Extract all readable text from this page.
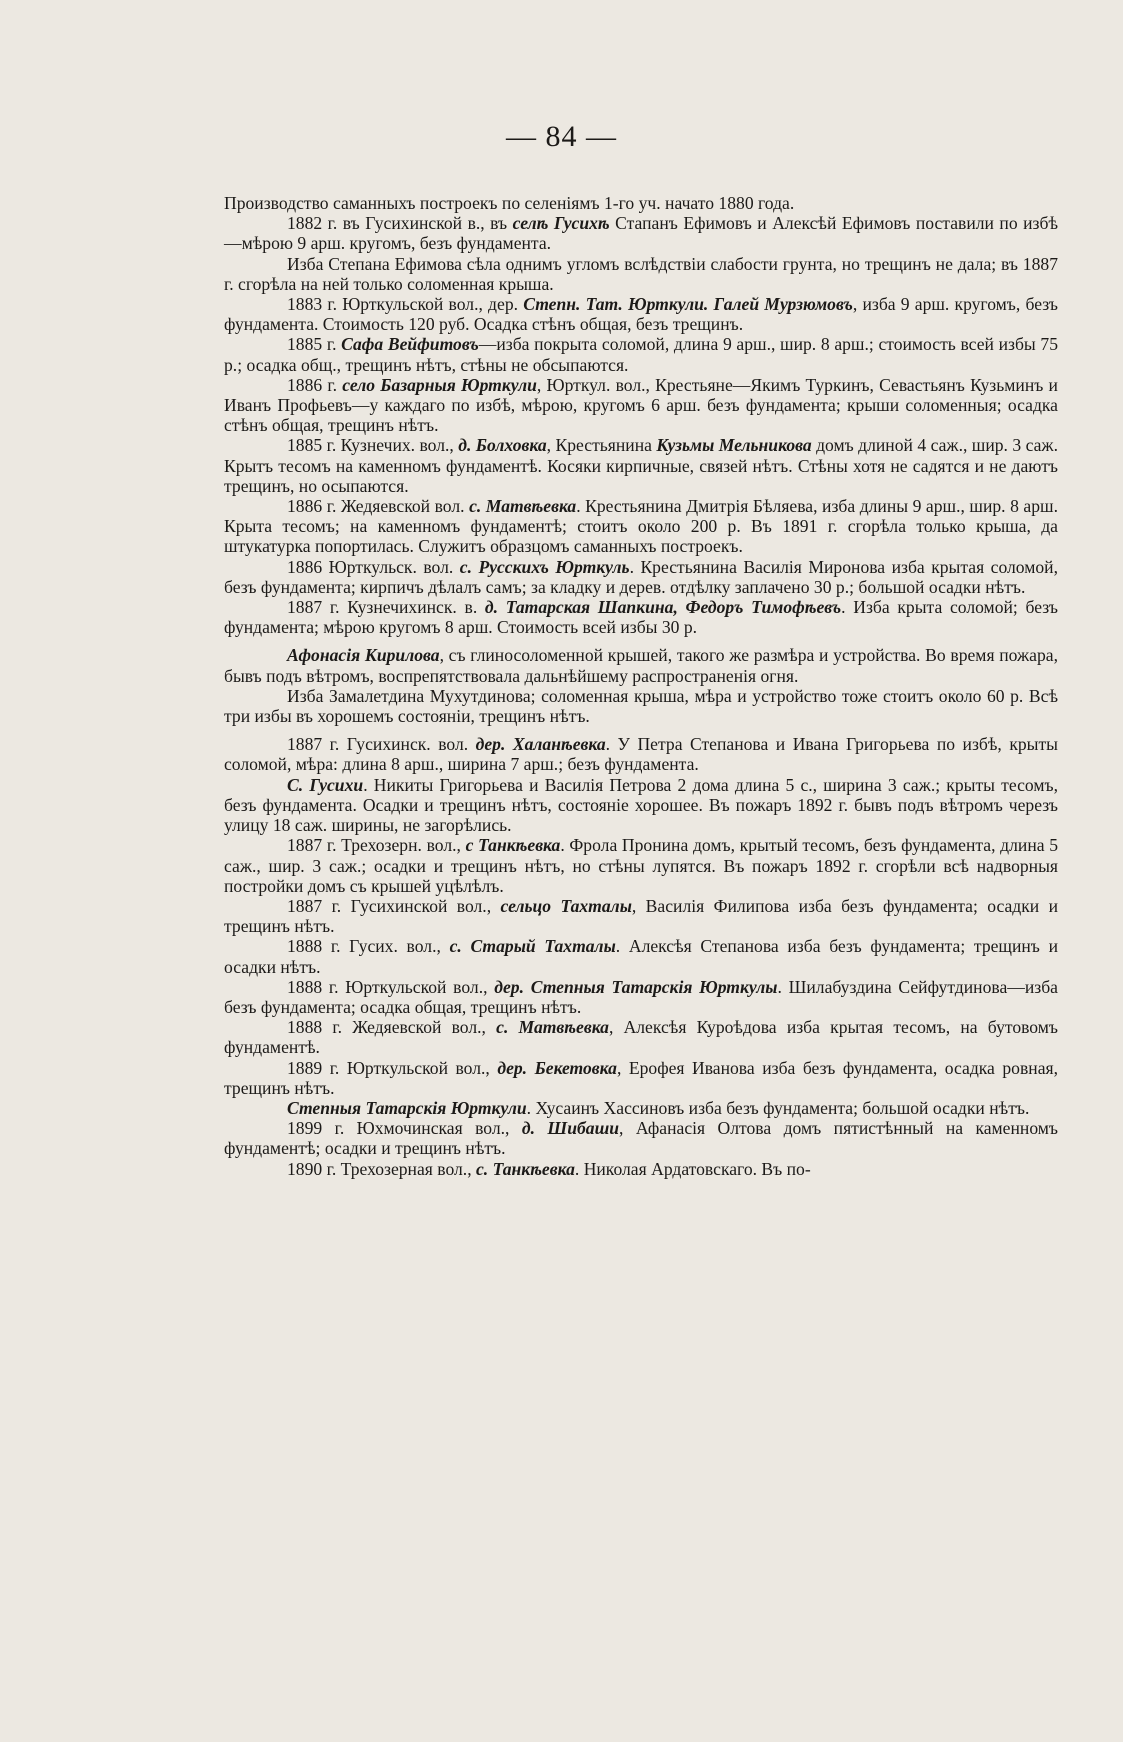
— 84 —

Производство саманныхъ построекъ по селеніямъ 1-го уч. начато 1880 года.

1882 г. въ Гусихинской в., въ селѣ Гусихѣ Стапанъ Ефимовъ и Алексѣй Ефимовъ поставили по избѣ—мѣрою 9 арш. кругомъ, безъ фундамента.

Изба Степана Ефимова сѣла однимъ угломъ вслѣдствіи слабости грунта, но трещинъ не дала; въ 1887 г. сгорѣла на ней только соломенная крыша.

1883 г. Юрткульской вол., дер. Степн. Тат. Юрткули. Галей Мурзюмовъ, изба 9 арш. кругомъ, безъ фундамента. Стоимость 120 руб. Осадка стѣнъ общая, безъ трещинъ.

1885 г. Сафа Вейфитовъ—изба покрыта соломой, длина 9 арш., шир. 8 арш.; стоимость всей избы 75 р.; осадка общ., трещинъ нѣтъ, стѣны не обсыпаются.

1886 г. село Базарныя Юрткули, Юрткул. вол., Крестьяне—Якимъ Туркинъ, Севастьянъ Кузьминъ и Иванъ Профьевъ—у каждаго по избѣ, мѣрою, кругомъ 6 арш. безъ фундамента; крыши соломенныя; осадка стѣнъ общая, трещинъ нѣтъ.

1885 г. Кузнечих. вол., д. Болховка, Крестьянина Кузьмы Мельникова домъ длиной 4 саж., шир. 3 саж. Крытъ тесомъ на каменномъ фундаментѣ. Косяки кирпичные, связей нѣтъ. Стѣны хотя не садятся и не даютъ трещинъ, но осыпаются.

1886 г. Жедяевской вол. с. Матвѣевка. Крестьянина Дмитрія Бѣляева, изба длины 9 арш., шир. 8 арш. Крыта тесомъ; на каменномъ фундаментѣ; стоитъ около 200 р. Въ 1891 г. сгорѣла только крыша, да штукатурка попортилась. Служитъ образцомъ саманныхъ построекъ.

1886 Юрткульск. вол. с. Русскихъ Юрткуль. Крестьянина Василія Миронова изба крытая соломой, безъ фундамента; кирпичъ дѣлалъ самъ; за кладку и дерев. отдѣлку заплачено 30 р.; большой осадки нѣтъ.

1887 г. Кузнечихинск. в. д. Татарская Шапкина, Федоръ Тимофѣевъ. Изба крыта соломой; безъ фундамента; мѣрою кругомъ 8 арш. Стоимость всей избы 30 р.

Афонасія Кирилова, съ глиносоломенной крышей, такого же размѣра и устройства. Во время пожара, бывъ подъ вѣтромъ, воспрепятствовала дальнѣйшему распространенія огня.

Изба Замалетдина Мухутдинова; соломенная крыша, мѣра и устройство тоже стоитъ около 60 р. Всѣ три избы въ хорошемъ состояніи, трещинъ нѣтъ.

1887 г. Гусихинск. вол. дер. Халанѣевка. У Петра Степанова и Ивана Григорьева по избѣ, крыты соломой, мѣра: длина 8 арш., ширина 7 арш.; безъ фундамента.

С. Гусихи. Никиты Григорьева и Василія Петрова 2 дома длина 5 с., ширина 3 саж.; крыты тесомъ, безъ фундамента. Осадки и трещинъ нѣтъ, состояніе хорошее. Въ пожаръ 1892 г. бывъ подъ вѣтромъ черезъ улицу 18 саж. ширины, не загорѣлись.

1887 г. Трехозерн. вол., с Танкѣевка. Фрола Пронина домъ, крытый тесомъ, безъ фундамента, длина 5 саж., шир. 3 саж.; осадки и трещинъ нѣтъ, но стѣны лупятся. Въ пожаръ 1892 г. сгорѣли всѣ надворныя постройки домъ съ крышей уцѣлѣлъ.

1887 г. Гусихинской вол., сельцо Тахталы, Василія Филипова изба безъ фундамента; осадки и трещинъ нѣтъ.

1888 г. Гусих. вол., с. Старый Тахталы. Алексѣя Степанова изба безъ фундамента; трещинъ и осадки нѣтъ.

1888 г. Юрткульской вол., дер. Степныя Татарскія Юрткулы. Шилабуздина Сейфутдинова—изба безъ фундамента; осадка общая, трещинъ нѣтъ.

1888 г. Жедяевской вол., с. Матвѣевка, Алексѣя Куроѣдова изба крытая тесомъ, на бутовомъ фундаментѣ.

1889 г. Юрткульской вол., дер. Бекетовка, Ерофея Иванова изба безъ фундамента, осадка ровная, трещинъ нѣтъ.

Степныя Татарскія Юрткули. Хусаинъ Хассиновъ изба безъ фундамента; большой осадки нѣтъ.

1899 г. Юхмочинская вол., д. Шибаши, Афанасія Олтова домъ пятистѣнный на каменномъ фундаментѣ; осадки и трещинъ нѣтъ.

1890 г. Трехозерная вол., с. Танкѣевка. Николая Ардатовскаго. Въ по-
